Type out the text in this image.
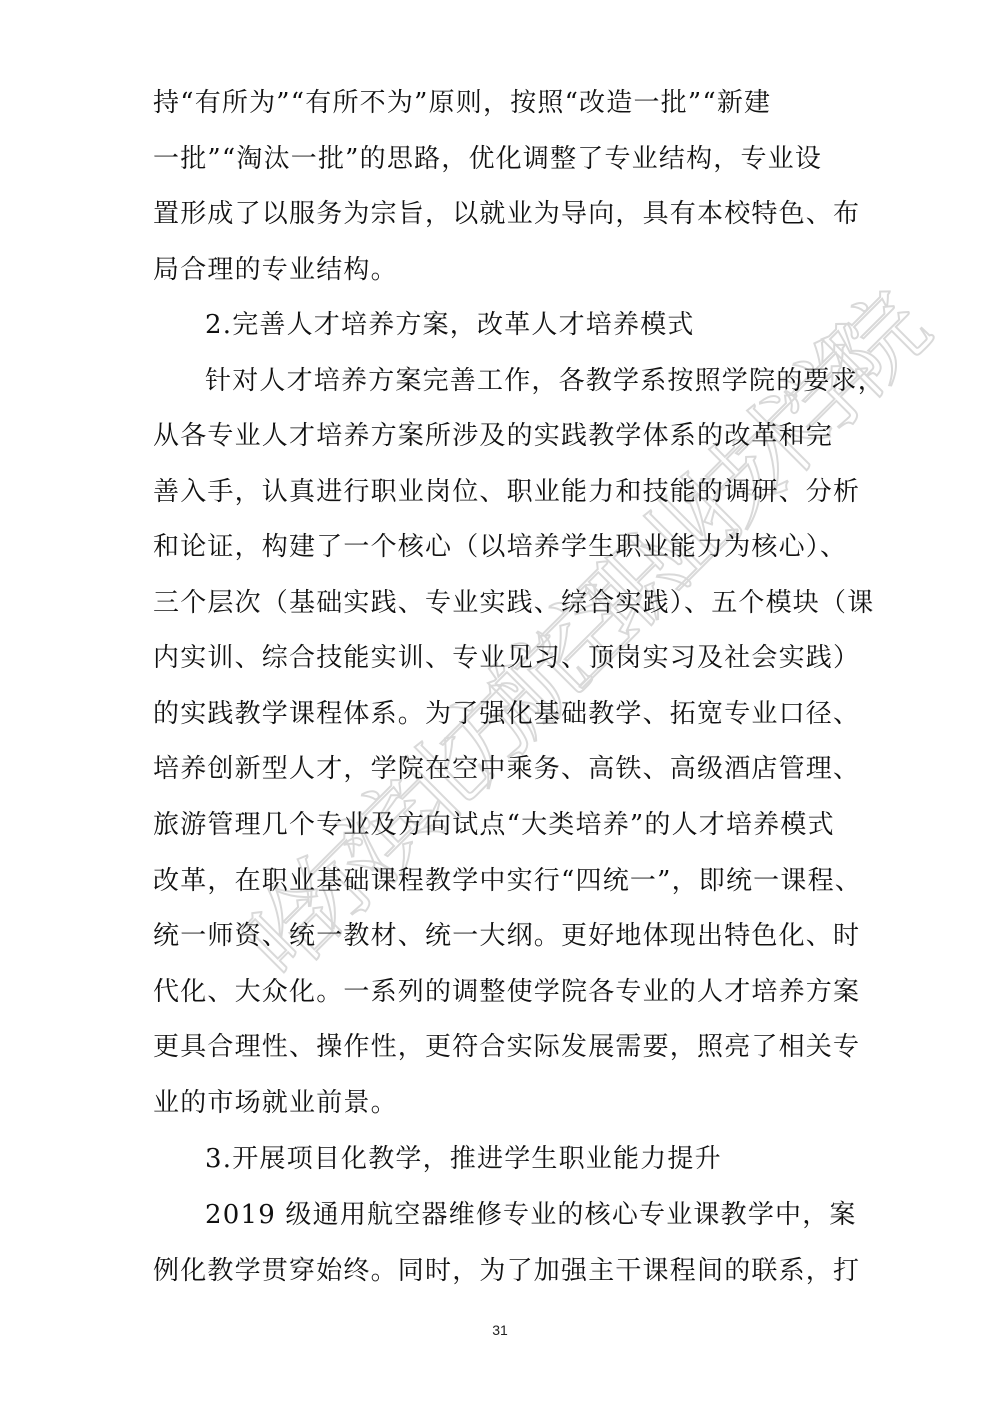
哈尔滨北方航空职业技术学院
持“有所为”“有所不为”原则，按照“改造一批”“新建
一批”“淘汰一批”的思路，优化调整了专业结构，专业设
置形成了以服务为宗旨，以就业为导向，具有本校特色、布
局合理的专业结构。
2.完善人才培养方案，改革人才培养模式
针对人才培养方案完善工作，各教学系按照学院的要求，
从各专业人才培养方案所涉及的实践教学体系的改革和完
善入手，认真进行职业岗位、职业能力和技能的调研、分析
和论证，构建了一个核心（以培养学生职业能力为核心）、
三个层次（基础实践、专业实践、综合实践）、五个模块（课
内实训、综合技能实训、专业见习、顶岗实习及社会实践）
的实践教学课程体系。为了强化基础教学、拓宽专业口径、
培养创新型人才，学院在空中乘务、高铁、高级酒店管理、
旅游管理几个专业及方向试点“大类培养”的人才培养模式
改革，在职业基础课程教学中实行“四统一”，即统一课程、
统一师资、统一教材、统一大纲。更好地体现出特色化、时
代化、大众化。一系列的调整使学院各专业的人才培养方案
更具合理性、操作性，更符合实际发展需要，照亮了相关专
业的市场就业前景。
3.开展项目化教学，推进学生职业能力提升
2019 级通用航空器维修专业的核心专业课教学中，案
31
例化教学贯穿始终。同时，为了加强主干课程间的联系，打
